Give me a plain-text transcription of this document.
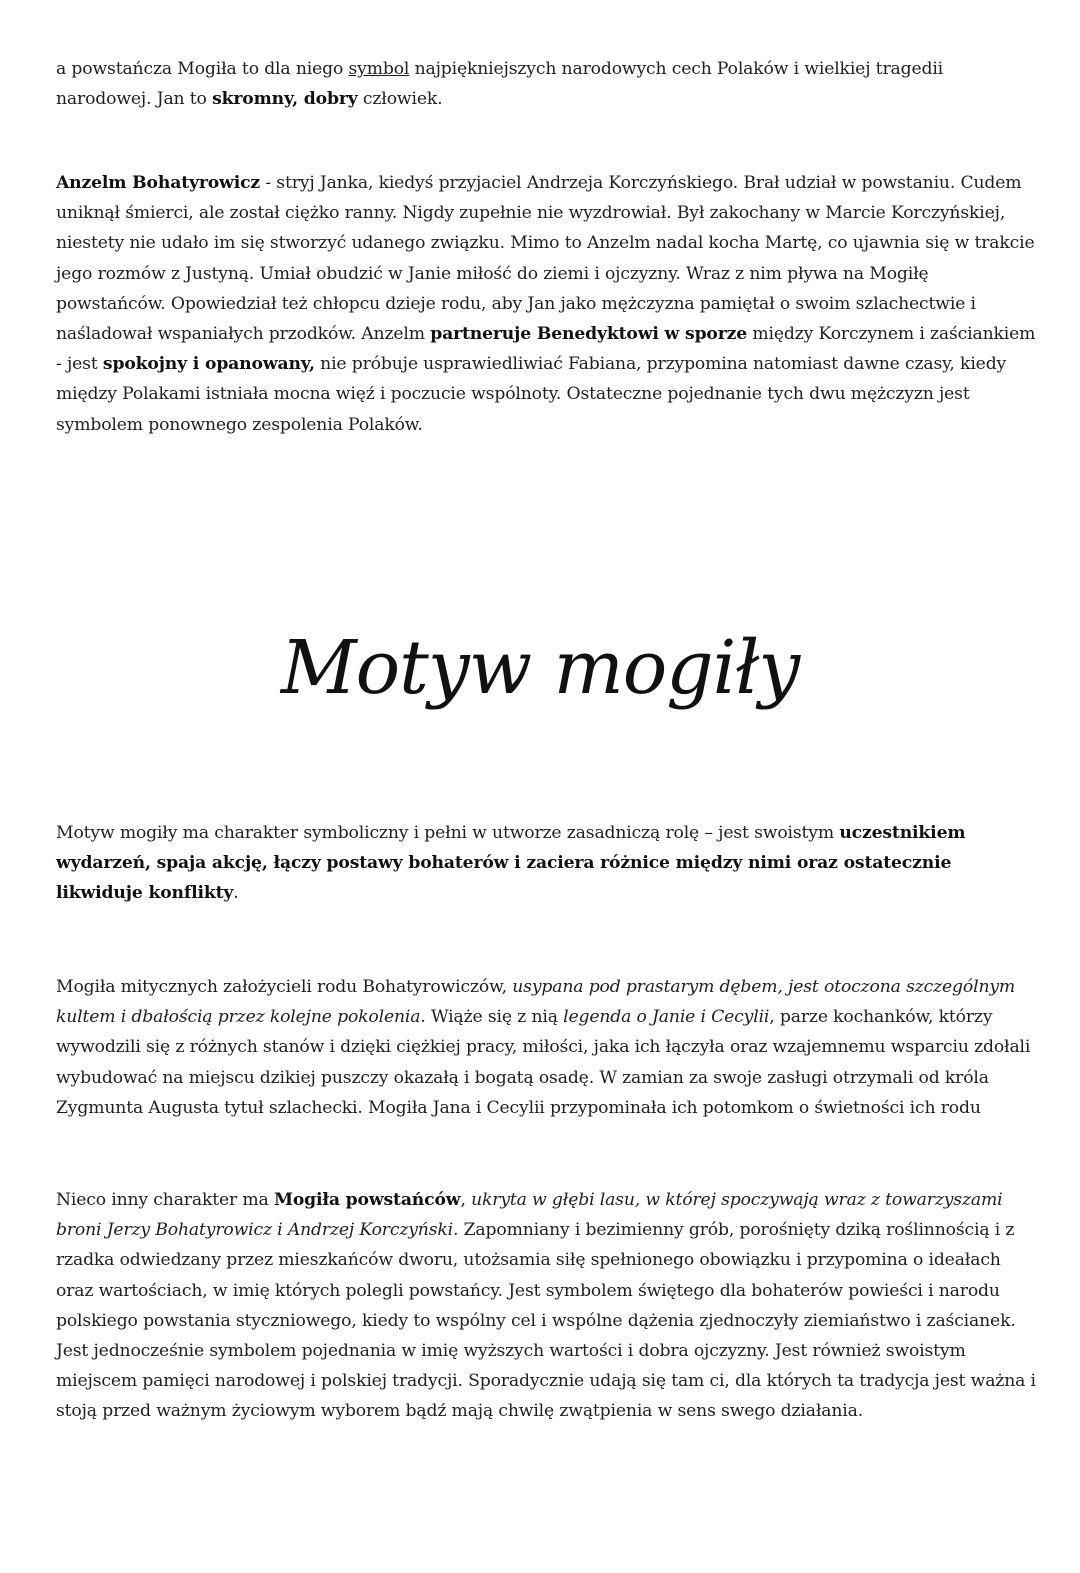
a powstańcza Mogiła to dla niego symbol najpiękniejszych narodowych cech Polaków i wielkiej tragedii narodowej. Jan to skromny, dobry człowiek.

Anzelm Bohatyrowicz - stryj Janka, kiedyś przyjaciel Andrzeja Korczyńskiego. Brał udział w powstaniu. Cudem uniknął śmierci, ale został ciężko ranny. Nigdy zupełnie nie wyzdrowiał. Był zakochany w Marcie Korczyńskiej, niestety nie udało im się stworzyć udanego związku. Mimo to Anzelm nadal kocha Martę, co ujawnia się w trakcie jego rozmów z Justyną. Umiał obudzić w Janie miłość do ziemi i ojczyzny. Wraz z nim pływa na Mogiłę powstańców. Opowiedział też chłopcu dzieje rodu, aby Jan jako mężczyzna pamiętał o swoim szlachectwie i naśladował wspaniałych przodków. Anzelm partneruje Benedyktowi w sporze między Korczynem i zaściankiem - jest spokojny i opanowany, nie próbuje usprawiedliwiać Fabiana, przypomina natomiast dawne czasy, kiedy między Polakami istniała mocna więź i poczucie wspólnoty. Ostateczne pojednanie tych dwu mężczyzn jest symbolem ponownego zespolenia Polaków.

Motyw mogiły

Motyw mogiły ma charakter symboliczny i pełni w utworze zasadniczą rolę – jest swoistym uczestnikiem wydarzeń, spaja akcję, łączy postawy bohaterów i zaciera różnice między nimi oraz ostatecznie likwiduje konflikty.

Mogiła mitycznych założycieli rodu Bohatyrowiczów, usypana pod prastarym dębem, jest otoczona szczególnym kultem i dbałością przez kolejne pokolenia. Wiąże się z nią legenda o Janie i Cecylii, parze kochanków, którzy wywodzili się z różnych stanów i dzięki ciężkiej pracy, miłości, jaka ich łączyła oraz wzajemnemu wsparciu zdołali wybudować na miejscu dzikiej puszczy okazałą i bogatą osadę. W zamian za swoje zasługi otrzymali od króla Zygmunta Augusta tytuł szlachecki. Mogiła Jana i Cecylii przypominała ich potomkom o świetności ich rodu

Nieco inny charakter ma Mogiła powstańców, ukryta w głębi lasu, w której spoczywają wraz z towarzyszami broni Jerzy Bohatyrowicz i Andrzej Korczyński. Zapomniany i bezimienny grób, porośnięty dziką roślinnością i z rzadka odwiedzany przez mieszkańców dworu, utożsamia siłę spełnionego obowiązku i przypomina o ideałach oraz wartościach, w imię których polegli powstańcy. Jest symbolem świętego dla bohaterów powieści i narodu polskiego powstania styczniowego, kiedy to wspólny cel i wspólne dążenia zjednoczyły ziemiaństwo i zaścianek. Jest jednocześnie symbolem pojednania w imię wyższych wartości i dobra ojczyzny. Jest również swoistym miejscem pamięci narodowej i polskiej tradycji. Sporadycznie udają się tam ci, dla których ta tradycja jest ważna i stoją przed ważnym życiowym wyborem bądź mają chwilę zwątpienia w sens swego działania.
